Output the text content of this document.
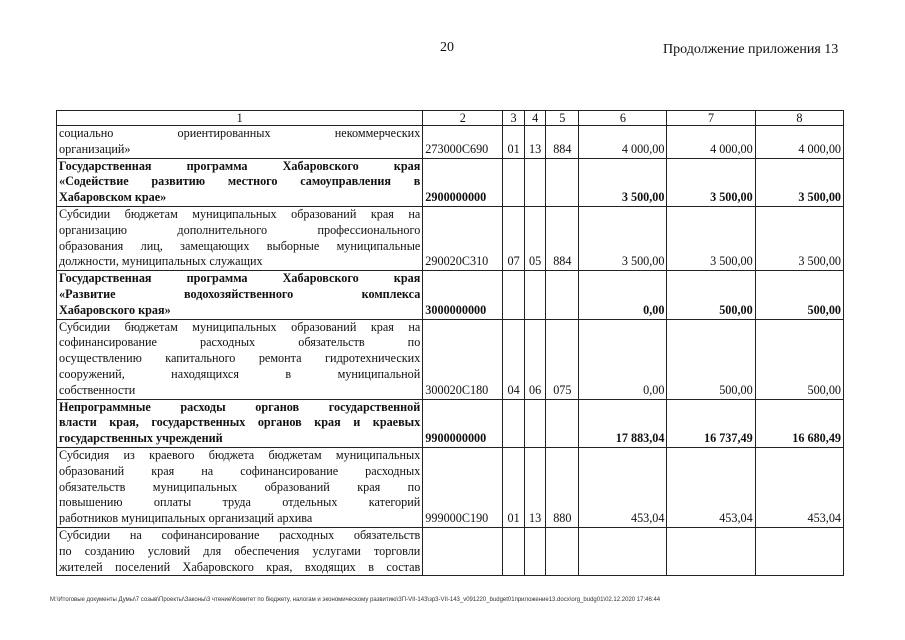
20	Продолжение приложения 13
1	2	3	4	5	6	7	8

социально ориентированных некоммерческих
организаций»	273000C690	01	13	884	4 000,00	4 000,00	4 000,00

Государственная программа Хабаровского края
«Содействие развитию местного самоуправления в
Хабаровском крае»	2900000000				3 500,00	3 500,00	3 500,00

Субсидии бюджетам муниципальных образований края на
организацию дополнительного профессионального
образования лиц, замещающих выборные муниципальные
должности, муниципальных служащих	290020C310	07	05	884	3 500,00	3 500,00	3 500,00

Государственная программа Хабаровского края
«Развитие водохозяйственного комплекса
Хабаровского края»	3000000000				0,00	500,00	500,00

Субсидии бюджетам муниципальных образований края на
софинансирование расходных обязательств по
осуществлению капитального ремонта гидротехнических
сооружений, находящихся в муниципальной
собственности	300020C180	04	06	075	0,00	500,00	500,00

Непрограммные расходы органов государственной
власти края, государственных органов края и краевых
государственных учреждений	9900000000				17 883,04	16 737,49	16 680,49

Субсидия из краевого бюджета бюджетам муниципальных
образований края на софинансирование расходных
обязательств муниципальных образований края по
повышению оплаты труда отдельных категорий
работников муниципальных организаций архива	999000C190	01	13	880	453,04	453,04	453,04

Субсидии на софинансирование расходных обязательств
по созданию условий для обеспечения услугами торговли
жителей поселений Хабаровского края, входящих в состав							

M:\Итоговые документы Думы\7 созыв\Проекты\Законы\3 чтение\Комитет по бюджету, налогам и экономическому развитию\ЗП-VII-143\зр3-VII-143_v091220_budget01приложение13.docx\org_budg01\02.12.2020 17:46:44
